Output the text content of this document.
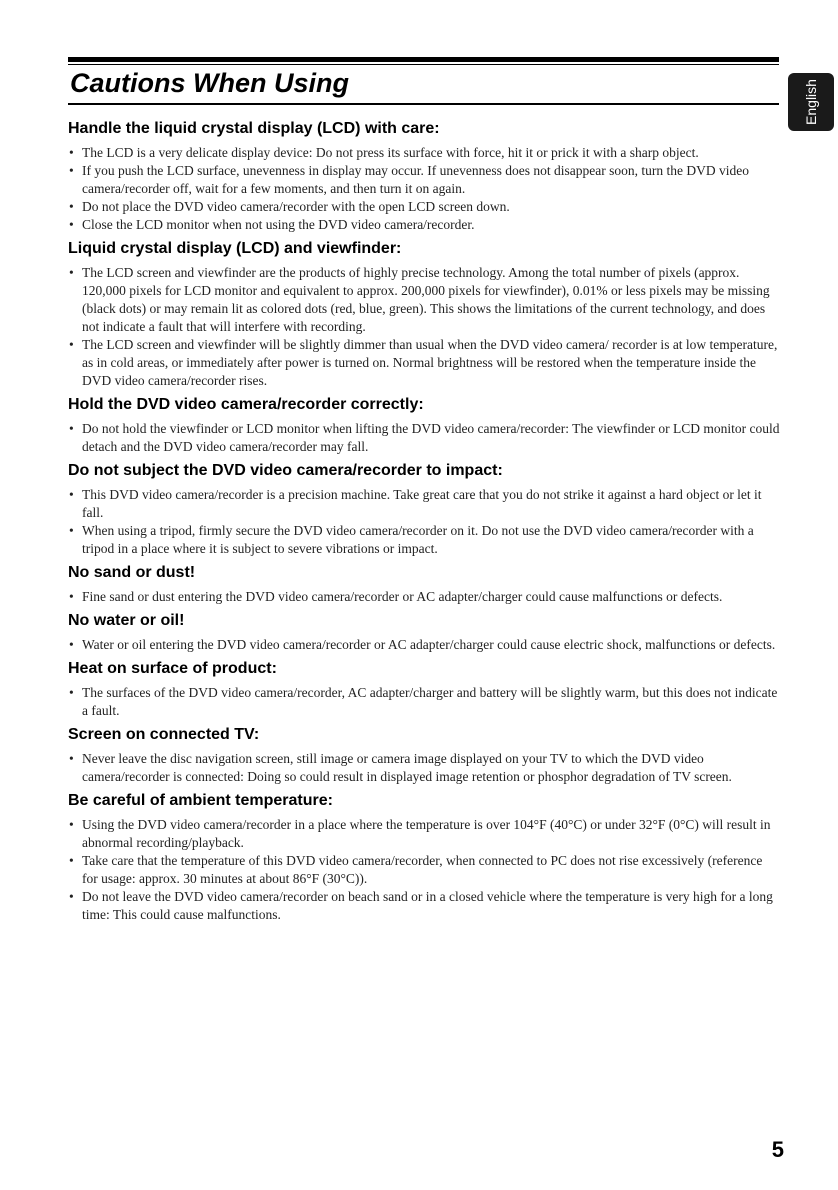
Cautions When Using	English
Handle the liquid crystal display (LCD) with care:
• The LCD is a very delicate display device: Do not press its surface with force, hit it or prick it with a sharp object.
• If you push the LCD surface, unevenness in display may occur. If unevenness does not disappear soon, turn the DVD video camera/recorder off, wait for a few moments, and then turn it on again.
• Do not place the DVD video camera/recorder with the open LCD screen down.
• Close the LCD monitor when not using the DVD video camera/recorder.
Liquid crystal display (LCD) and viewfinder:
• The LCD screen and viewfinder are the products of highly precise technology. Among the total number of pixels (approx. 120,000 pixels for LCD monitor and equivalent to approx. 200,000 pixels for viewfinder), 0.01% or less pixels may be missing (black dots) or may remain lit as colored dots (red, blue, green). This shows the limitations of the current technology, and does not indicate a fault that will interfere with recording.
• The LCD screen and viewfinder will be slightly dimmer than usual when the DVD video camera/ recorder is at low temperature, as in cold areas, or immediately after power is turned on. Normal brightness will be restored when the temperature inside the DVD video camera/recorder rises.
Hold the DVD video camera/recorder correctly:
• Do not hold the viewfinder or LCD monitor when lifting the DVD video camera/recorder: The viewfinder or LCD monitor could detach and the DVD video camera/recorder may fall.
Do not subject the DVD video camera/recorder to impact:
• This DVD video camera/recorder is a precision machine. Take great care that you do not strike it against a hard object or let it fall.
• When using a tripod, firmly secure the DVD video camera/recorder on it. Do not use the DVD video camera/recorder with a tripod in a place where it is subject to severe vibrations or impact.
No sand or dust!
• Fine sand or dust entering the DVD video camera/recorder or AC adapter/charger could cause malfunctions or defects.
No water or oil!
• Water or oil entering the DVD video camera/recorder or AC adapter/charger could cause electric shock, malfunctions or defects.
Heat on surface of product:
• The surfaces of the DVD video camera/recorder, AC adapter/charger and battery will be slightly warm, but this does not indicate a fault.
Screen on connected TV:
• Never leave the disc navigation screen, still image or camera image displayed on your TV to which the DVD video camera/recorder is connected: Doing so could result in displayed image retention or phosphor degradation of TV screen.
Be careful of ambient temperature:
• Using the DVD video camera/recorder in a place where the temperature is over 104°F (40°C) or under 32°F (0°C) will result in abnormal recording/playback.
• Take care that the temperature of this DVD video camera/recorder, when connected to PC does not rise excessively (reference for usage: approx. 30 minutes at about 86°F (30°C)).
• Do not leave the DVD video camera/recorder on beach sand or in a closed vehicle where the temperature is very high for a long time: This could cause malfunctions.
5
